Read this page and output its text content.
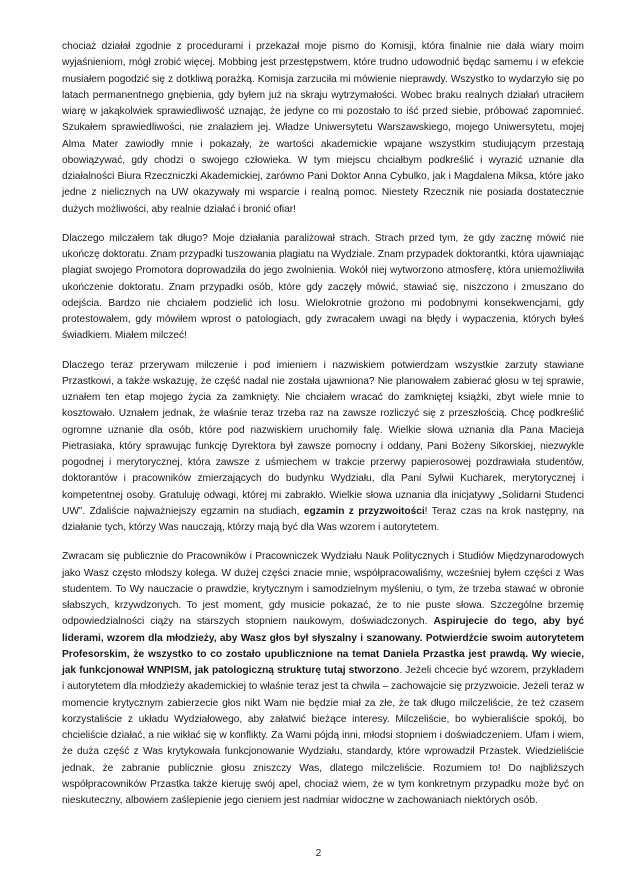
chociaż działał zgodnie z procedurami i przekazał moje pismo do Komisji, która finalnie nie dała wiary moim wyjaśnieniom, mógł zrobić więcej. Mobbing jest przestępstwem, które trudno udowodnić będąc samemu i w efekcie musiałem pogodzić się z dotkliwą porażką. Komisja zarzuciła mi mówienie nieprawdy. Wszystko to wydarzyło się po latach permanentnego gnębienia, gdy byłem już na skraju wytrzymałości. Wobec braku realnych działań utraciłem wiarę w jakąkolwiek sprawiedliwość uznając, że jedyne co mi pozostało to iść przed siebie, próbować zapomnieć. Szukałem sprawiedliwości, nie znalazłem jej. Władze Uniwersytetu Warszawskiego, mojego Uniwersytetu, mojej Alma Mater zawiodły mnie i pokazały, że wartości akademickie wpajane wszystkim studiującym przestają obowiązywać, gdy chodzi o swojego człowieka. W tym miejscu chciałbym podkreślić i wyrazić uznanie dla działalności Biura Rzeczniczki Akademickiej, zarówno Pani Doktor Anna Cybulko, jak i Magdalena Miksa, które jako jedne z nielicznych na UW okazywały mi wsparcie i realną pomoc. Niestety Rzecznik nie posiada dostatecznie dużych możliwości, aby realnie działać i bronić ofiar!

Dlaczego milczałem tak długo? Moje działania paraliżował strach. Strach przed tym, że gdy zacznę mówić nie ukończę doktoratu. Znam przypadki tuszowania plagiatu na Wydziale. Znam przypadek doktorantki, która ujawniając plagiat swojego Promotora doprowadziła do jego zwolnienia. Wokół niej wytworzono atmosferę, która uniemożliwiła ukończenie doktoratu. Znam przypadki osób, które gdy zaczęły mówić, stawiać się, niszczono i zmuszano do odejścia. Bardzo nie chciałem podzielić ich losu. Wielokrotnie grożono mi podobnymi konsekwencjami, gdy protestowałem, gdy mówiłem wprost o patologiach, gdy zwracałem uwagi na błędy i wypaczenia, których byłeś świadkiem. Miałem milczeć!

Dlaczego teraz przerywam milczenie i pod imieniem i nazwiskiem potwierdzam wszystkie zarzuty stawiane Przastkowi, a także wskazuję, że część nadal nie została ujawniona? Nie planowałem zabierać głosu w tej sprawie, uznałem ten etap mojego życia za zamknięty. Nie chciałem wracać do zamkniętej książki, zbyt wiele mnie to kosztowało. Uznałem jednak, że właśnie teraz trzeba raz na zawsze rozliczyć się z przeszłością. Chcę podkreślić ogromne uznanie dla osób, które pod nazwiskiem uruchomiły falę. Wielkie słowa uznania dla Pana Macieja Pietrasiaka, który sprawując funkcję Dyrektora był zawsze pomocny i oddany, Pani Bożeny Sikorskiej, niezwykle pogodnej i merytorycznej, która zawsze z uśmiechem w trakcie przerwy papierosowej pozdrawiała studentów, doktorantów i pracowników zmierzających do budynku Wydziału, dla Pani Sylwii Kucharek, merytorycznej i kompetentnej osoby. Gratuluję odwagi, której mi zabrakło. Wielkie słowa uznania dla inicjatywy „Solidarni Studenci UW”. Zdaliście najważniejszy egzamin na studiach, egzamin z przyzwoitości! Teraz czas na krok następny, na działanie tych, którzy Was nauczają, którzy mają być dla Was wzorem i autorytetem.

Zwracam się publicznie do Pracowników i Pracowniczek Wydziału Nauk Politycznych i Studiów Międzynarodowych jako Wasz często młodszy kolega. W dużej części znacie mnie, współpracowaliśmy, wcześniej byłem części z Was studentem. To Wy nauczacie o prawdzie, krytycznym i samodzielnym myśleniu, o tym, że trzeba stawać w obronie słabszych, krzywdzonych. To jest moment, gdy musicie pokazać, że to nie puste słowa. Szczególne brzemię odpowiedzialności ciąży na starszych stopniem naukowym, doświadczonych. Aspirujecie do tego, aby być liderami, wzorem dla młodzieży, aby Wasz głos był słyszalny i szanowany. Potwierdźcie swoim autorytetem Profesorskim, że wszystko to co zostało upublicznione na temat Daniela Przastka jest prawdą. Wy wiecie, jak funkcjonował WNPISM, jak patologiczną strukturę tutaj stworzono. Jeżeli chcecie być wzorem, przykładem i autorytetem dla młodzieży akademickiej to właśnie teraz jest ta chwila – zachowajcie się przyzwoicie. Jeżeli teraz w momencie krytycznym zabierzecie głos nikt Wam nie będzie miał za złe, że tak długo milczeliście, że też czasem korzystaliście z układu Wydziałowego, aby załatwić bieżące interesy. Milczeliście, bo wybieraliście spokój, bo chcieliście działać, a nie wikłać się w konflikty. Za Wami pójdą inni, młodsi stopniem i doświadczeniem. Ufam i wiem, że duża część z Was krytykowała funkcjonowanie Wydziału, standardy, które wprowadził Przastek. Wiedzieliście jednak, że zabranie publicznie głosu zniszczy Was, dlatego milczeliście. Rozumiem to! Do najbliższych współpracowników Przastka także kieruję swój apel, chociaż wiem, że w tym konkretnym przypadku może być on nieskuteczny, albowiem zaślepienie jego cieniem jest nadmiar widoczne w zachowaniach niektórych osób.

2
